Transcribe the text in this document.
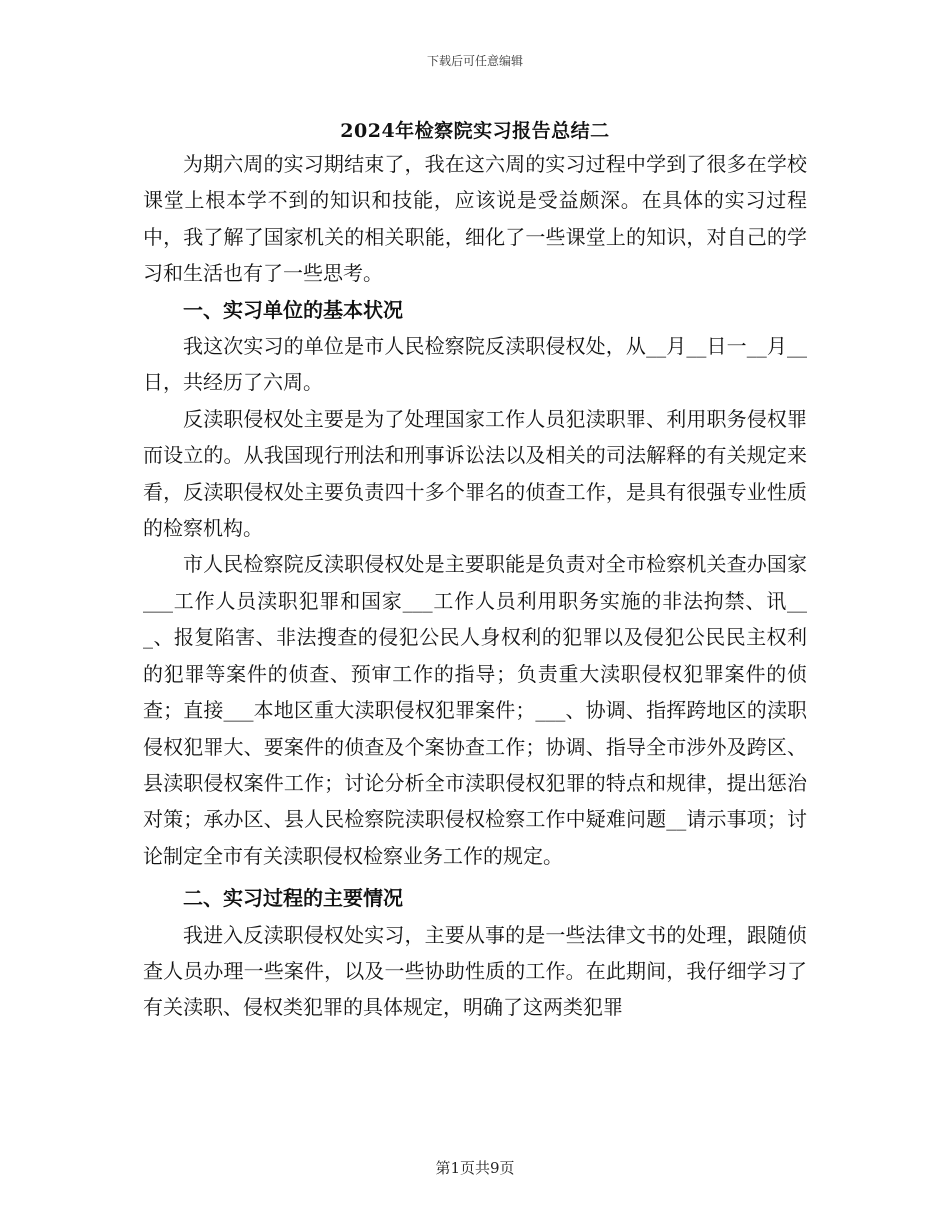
下载后可任意编辑
2024年检察院实习报告总结二

为期六周的实习期结束了，我在这六周的实习过程中学到了很多在学校课堂上根本学不到的知识和技能，应该说是受益颇深。在具体的实习过程中，我了解了国家机关的相关职能，细化了一些课堂上的知识，对自己的学习和生活也有了一些思考。

一、实习单位的基本状况

我这次实习的单位是市人民检察院反渎职侵权处，从__月__日一__月__日，共经历了六周。

反渎职侵权处主要是为了处理国家工作人员犯渎职罪、利用职务侵权罪而设立的。从我国现行刑法和刑事诉讼法以及相关的司法解释的有关规定来看，反渎职侵权处主要负责四十多个罪名的侦查工作，是具有很强专业性质的检察机构。

市人民检察院反渎职侵权处是主要职能是负责对全市检察机关查办国家___工作人员渎职犯罪和国家___工作人员利用职务实施的非法拘禁、讯___、报复陷害、非法搜查的侵犯公民人身权利的犯罪以及侵犯公民民主权利的犯罪等案件的侦查、预审工作的指导；负责重大渎职侵权犯罪案件的侦查；直接___本地区重大渎职侵权犯罪案件；___、协调、指挥跨地区的渎职侵权犯罪大、要案件的侦查及个案协查工作；协调、指导全市涉外及跨区、县渎职侵权案件工作；讨论分析全市渎职侵权犯罪的特点和规律，提出惩治对策；承办区、县人民检察院渎职侵权检察工作中疑难问题__请示事项；讨论制定全市有关渎职侵权检察业务工作的规定。

二、实习过程的主要情况

我进入反渎职侵权处实习，主要从事的是一些法律文书的处理，跟随侦查人员办理一些案件，以及一些协助性质的工作。在此期间，我仔细学习了有关渎职、侵权类犯罪的具体规定，明确了这两类犯罪

第1页共9页
